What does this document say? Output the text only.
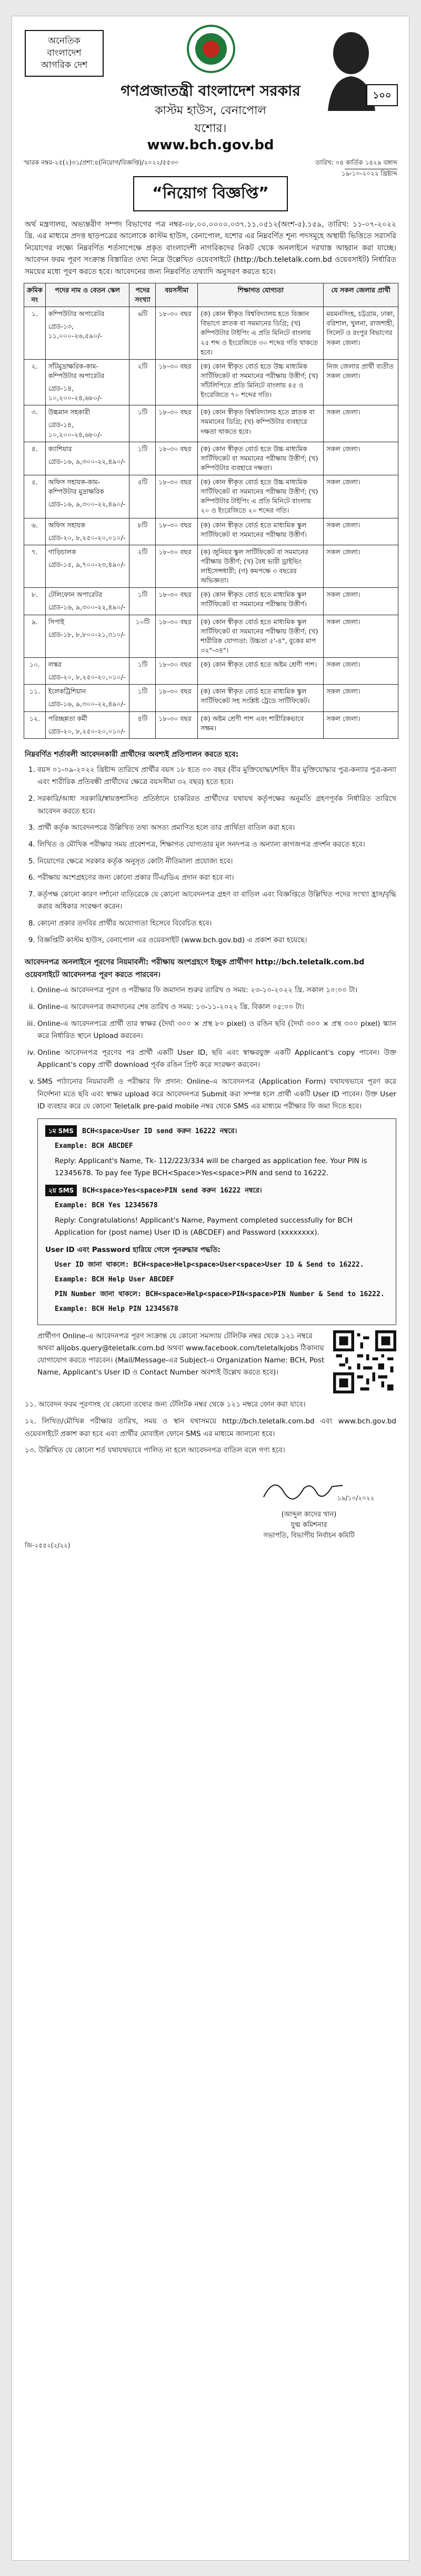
অনেতিক বাংলাদেশ
আগরিক দেশ
১০০
গণপ্রজাতন্ত্রী বাংলাদেশ সরকার
কাস্টম হাউস, বেনাপোল
যশোর।
www.bch.gov.bd
স্মারক নম্বর-২৫(২)৩১/প্রশা:৪(নিয়োগ/বিজ্ঞপ্তি)/২০২২/৫৫৩০	তারিখ: ০৪ কার্তিক ১৪২৯ বঙ্গাব্দ
১৯-১০-২০২২ খ্রিষ্টাব্দ
“নিয়োগ বিজ্ঞপ্তি”

অর্থ মন্ত্রণালয়, অভ্যন্তরীণ সম্পদ বিভাগের পত্র নম্বর-০৮.০০.০০০০.০৩৭.১১.০৫১২(অংশ-৫).১৫৯, তারিখ: ১১-০৭-২০২২ খ্রি. এর মাধ্যমে প্রদত্ত ছাড়পত্রের আলোকে কাস্টম হাউস, বেনাপোল, যশোর এর নিম্নবর্ণিত শূন্য পদসমূহে অস্থায়ী ভিত্তিতে সরাসরি নিয়োগের লক্ষ্যে নিম্নবর্ণিত শর্তসাপেক্ষে প্রকৃত বাংলাদেশী নাগরিকদের নিকট থেকে অনলাইনে দরখাস্ত আহ্বান করা যাচ্ছে। আবেদন ফরম পূরণ সংক্রান্ত বিস্তারিত তথ্য নিম্নে উল্লেখিত ওয়েবসাইটে (http://bch.teletalk.com.bd ওয়েবসাইট) নির্ধারিত সময়ের মধ্যে পূরণ করতে হবে। আবেদনের জন্য নিম্নবর্ণিত তথ্যাদি অনুসরণ করতে হবে।

ক্রমিক নং	পদের নাম ও বেতন স্কেল	পদের সংখ্যা	বয়সসীমা	শিক্ষাগত যোগ্যতা	যে সকল জেলার প্রার্থী
১.	কম্পিউটার অপারেটর
গ্রেড-১৩, ১১,০০০-২৬,৫৯০/-	৬টি	১৮-৩০ বছর	(ক) কোন স্বীকৃত বিশ্ববিদ্যালয় হতে বিজ্ঞান বিভাগে স্নাতক বা সমমানের ডিগ্রি; (খ) কম্পিউটার টাইপিং এ প্রতি মিনিটে বাংলায় ২৫ শব্দ ও ইংরেজিতে ৩০ শব্দের গতি থাকতে হবে।	ময়মনসিংহ, চট্টগ্রাম, ঢাকা, বরিশাল, খুলনা, রাজশাহী, সিলেট ও রংপুর বিভাগের সকল জেলা।
২.	সাঁটমুদ্রাক্ষরিক-কাম-কম্পিউটার অপারেটর
গ্রেড-১৪, ১০,২০০-২৪,৬৮০/-	২টি	১৮-৩০ বছর	(ক) কোন স্বীকৃত বোর্ড হতে উচ্চ মাধ্যমিক সার্টিফিকেট বা সমমানের পরীক্ষায় উত্তীর্ণ; (খ) সাঁটলিপিতে প্রতি মিনিটে বাংলায় ৪৫ ও ইংরেজিতে ৭০ শব্দের গতি।	নিজ জেলার প্রার্থী ব্যতীত সকল জেলা।
৩.	উচ্চমান সহকারী
গ্রেড-১৪, ১০,২০০-২৪,৬৮০/-	১টি	১৮-৩০ বছর	(ক) কোন স্বীকৃত বিশ্ববিদ্যালয় হতে স্নাতক বা সমমানের ডিগ্রি; (খ) কম্পিউটার ব্যবহারে দক্ষতা থাকতে হবে।	সকল জেলা।
৪.	ক্যাশিয়ার
গ্রেড-১৬, ৯,৩০০-২২,৪৯০/-	১টি	১৮-৩০ বছর	(ক) কোন স্বীকৃত বোর্ড হতে উচ্চ মাধ্যমিক সার্টিফিকেট বা সমমানের পরীক্ষায় উত্তীর্ণ; (খ) কম্পিউটার ব্যবহারে দক্ষতা।	সকল জেলা।
৫.	অফিস সহায়ক-কাম-কম্পিউটার মুদ্রাক্ষরিক
গ্রেড-১৬, ৯,৩০০-২২,৪৯০/-	৫টি	১৮-৩০ বছর	(ক) কোন স্বীকৃত বোর্ড হতে উচ্চ মাধ্যমিক সার্টিফিকেট বা সমমানের পরীক্ষায় উত্তীর্ণ; (খ) কম্পিউটার টাইপিং এ প্রতি মিনিটে বাংলায় ২০ ও ইংরেজিতে ২০ শব্দের গতি।	সকল জেলা।
৬.	অফিস সহায়ক
গ্রেড-২০, ৮,২৫০-২০,০১০/-	৮টি	১৮-৩০ বছর	(ক) কোন স্বীকৃত বোর্ড হতে মাধ্যমিক স্কুল সার্টিফিকেট বা সমমানের পরীক্ষায় উত্তীর্ণ।	সকল জেলা।
৭.	গাড়িচালক
গ্রেড-১৫, ৯,৭০০-২৩,৪৯০/-	২টি	১৮-৩০ বছর	(ক) জুনিয়র স্কুল সার্টিফিকেট বা সমমানের পরীক্ষায় উত্তীর্ণ; (খ) বৈধ ভারী ড্রাইভিং লাইসেন্সধারী; (গ) কমপক্ষে ৩ বছরের অভিজ্ঞতা।	সকল জেলা।
৮.	টেলিফোন অপারেটর
গ্রেড-১৬, ৯,৩০০-২২,৪৯০/-	১টি	১৮-৩০ বছর	(ক) কোন স্বীকৃত বোর্ড হতে মাধ্যমিক স্কুল সার্টিফিকেট বা সমমানের পরীক্ষায় উত্তীর্ণ।	সকল জেলা।
৯.	সিপাই
গ্রেড-১৮, ৮,৮০০-২১,৩১০/-	১০টি	১৮-৩০ বছর	(ক) কোন স্বীকৃত বোর্ড হতে মাধ্যমিক স্কুল সার্টিফিকেট বা সমমানের পরীক্ষায় উত্তীর্ণ; (খ) শারীরিক যোগ্যতা: উচ্চতা ৫'-৪", বুকের মাপ ৩২"-৩৪"।	সকল জেলা।
১০.	লস্কর
গ্রেড-২০, ৮,২৫০-২০,০১০/-	১টি	১৮-৩০ বছর	(ক) কোন স্বীকৃত বোর্ড হতে অষ্টম শ্রেণী পাশ।	সকল জেলা।
১১.	ইলেকট্রিশিয়ান
গ্রেড-১৬, ৯,৩০০-২২,৪৯০/-	১টি	১৮-৩০ বছর	(ক) কোন স্বীকৃত বোর্ড হতে মাধ্যমিক স্কুল সার্টিফিকেট সহ সংশ্লিষ্ট ট্রেডে সার্টিফিকেট।	সকল জেলা।
১২.	পরিচ্ছন্নতা কর্মী
গ্রেড-২০, ৮,২৫০-২০,০১০/-	৪টি	১৮-৩০ বছর	(ক) অষ্টম শ্রেণী পাশ এবং শারীরিকভাবে সক্ষম।	সকল জেলা।
নিম্নবর্ণিত শর্তাবলী আবেদনকারী প্রার্থীদের অবশ্যই প্রতিপালন করতে হবে:
1. বয়স ০১-০৯-২০২২ খ্রিষ্টাব্দ তারিখে প্রার্থীর বয়স ১৮ হতে ৩০ বছর (বীর মুক্তিযোদ্ধা/শহিদ বীর মুক্তিযোদ্ধার পুত্র-কন্যার পুত্র-কন্যা এবং শারীরিক প্রতিবন্ধী প্রার্থীদের ক্ষেত্রে বয়সসীমা ৩২ বছর) হতে হবে।
2. সরকারি/আধা সরকারি/স্বায়ত্তশাসিত প্রতিষ্ঠানে চাকরিরত প্রার্থীদের যথাযথ কর্তৃপক্ষের অনুমতি গ্রহণপূর্বক নির্ধারিত তারিখে আবেদন করতে হবে।
3. প্রার্থী কর্তৃক আবেদনপত্রে উল্লিখিত তথ্য অসত্য প্রমাণিত হলে তার প্রার্থিতা বাতিল করা হবে।
4. লিখিত ও মৌখিক পরীক্ষার সময় প্রবেশপত্র, শিক্ষাগত যোগ্যতার মূল সনদপত্র ও অন্যান্য কাগজপত্র প্রদর্শন করতে হবে।
5. নিয়োগের ক্ষেত্রে সরকার কর্তৃক অনুসৃত কোটা নীতিমালা প্রযোজ্য হবে।
6. পরীক্ষায় অংশগ্রহণের জন্য কোনো প্রকার টিএ/ডিএ প্রদান করা হবে না।
7. কর্তৃপক্ষ কোনো কারণ দর্শানো ব্যতিরেকে যে কোনো আবেদনপত্র গ্রহণ বা বাতিল এবং বিজ্ঞপ্তিতে উল্লিখিত পদের সংখ্যা হ্রাস/বৃদ্ধি করার অধিকার সংরক্ষণ করেন।
8. কোনো প্রকার তদবির প্রার্থীর অযোগ্যতা হিসেবে বিবেচিত হবে।
9. বিজ্ঞপ্তিটি কাস্টম হাউস, বেনাপোল এর ওয়েবসাইট (www.bch.gov.bd) এ প্রকাশ করা হয়েছে।
আবেদনপত্র অনলাইনে পূরণের নিয়মাবলী: পরীক্ষায় অংশগ্রহণে ইচ্ছুক প্রার্থীগণ http://bch.teletalk.com.bd ওয়েবসাইটে আবেদনপত্র পূরণ করতে পারবেন।
i. Online-এ আবেদনপত্র পূরণ ও পরীক্ষার ফি জমাদান শুরুর তারিখ ও সময়: ২৩-১০-২০২২ খ্রি. সকাল ১০:০০ টা।
ii. Online-এ আবেদনপত্র জমাদানের শেষ তারিখ ও সময়: ১৩-১১-২০২২ খ্রি. বিকাল ০৫:০০ টা।
iii. Online-এ আবেদনপত্রে প্রার্থী তার স্বাক্ষর (দৈর্ঘ্য ৩০০ × প্রস্থ ৮০ pixel) ও রঙিন ছবি (দৈর্ঘ্য ৩০০ × প্রস্থ ৩০০ pixel) স্ক্যান করে নির্ধারিত স্থানে Upload করবেন।
iv. Online আবেদনপত্র পূরণের পর প্রার্থী একটি User ID, ছবি এবং স্বাক্ষরযুক্ত একটি Applicant's copy পাবেন। উক্ত Applicant's copy প্রার্থী download পূর্বক রঙিন প্রিন্ট করে সংরক্ষণ করবেন।
v. SMS পাঠানোর নিয়মাবলী ও পরীক্ষার ফি প্রদান: Online-এ আবেদনপত্র (Application Form) যথাযথভাবে পূরণ করে নির্দেশনা মতে ছবি এবং স্বাক্ষর upload করে আবেদনপত্র Submit করা সম্পন্ন হলে প্রার্থী একটি User ID পাবেন। উক্ত User ID ব্যবহার করে যে কোনো Teletalk pre-paid mobile নম্বর থেকে SMS এর মাধ্যমে পরীক্ষার ফি জমা দিতে হবে।
১ম SMS BCH<space>User ID send করুন 16222 নম্বরে।
Example: BCH ABCDEF
Reply: Applicant's Name, Tk- 112/223/334 will be charged as application fee. Your PIN is 12345678. To pay fee Type BCH<Space>Yes<space>PIN and send to 16222.
২য় SMS BCH<space>Yes<space>PIN send করুন 16222 নম্বরে।
Example: BCH Yes 12345678
Reply: Congratulations! Applicant's Name, Payment completed successfully for BCH Application for (post name) User ID is (ABCDEF) and Password (xxxxxxxx).
User ID এবং Password হারিয়ে গেলে পুনরুদ্ধার পদ্ধতি:
User ID জানা থাকলে: BCH<space>Help<space>User<space>User ID & Send to 16222.
Example: BCH Help User ABCDEF
PIN Number জানা থাকলে: BCH<space>Help<space>PIN<space>PIN Number & Send to 16222.
Example: BCH Help PIN 12345678
প্রার্থীগণ Online-এ আবেদনপত্র পূরণ সংক্রান্ত যে কোনো সমস্যায় টেলিটক নম্বর থেকে ১২১ নম্বরে অথবা alljobs.query@teletalk.com.bd অথবা www.facebook.com/teletalkjobs ঠিকানায় যোগাযোগ করতে পারবেন। (Mail/Message-এর Subject-এ Organization Name: BCH, Post Name, Applicant's User ID ও Contact Number অবশ্যই উল্লেখ করতে হবে)।
১১. আবেদন ফরম পূরণসহ যে কোনো তথ্যের জন্য টেলিটক নম্বর থেকে ১২১ নম্বরে ফোন করা যাবে।
১২. লিখিত/মৌখিক পরীক্ষার তারিখ, সময় ও স্থান যথাসময়ে http://bch.teletalk.com.bd এবং www.bch.gov.bd ওয়েবসাইটে প্রকাশ করা হবে এবং প্রার্থীর মোবাইল ফোনে SMS এর মাধ্যমে জানানো হবে।
১৩. উল্লিখিত যে কোনো শর্ত যথাযথভাবে পালিত না হলে আবেদনপত্র বাতিল বলে গণ্য হবে।
১৯/১০/২০২২
(আব্দুল কাদের খান)
যুগ্ম কমিশনার
সভাপতি, বিভাগীয় নির্বাচন কমিটি
জি-২৫৫২(২/২২)
